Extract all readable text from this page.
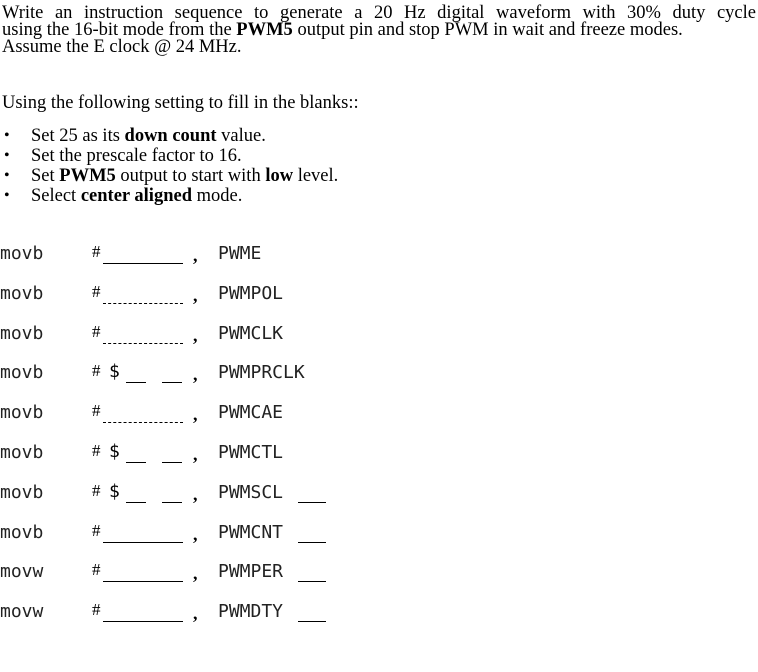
Write an instruction sequence to generate a 20 Hz digital waveform with 30% duty cycle
using the 16-bit mode from the PWM5 output pin and stop PWM in wait and freeze modes.
Assume the E clock @ 24 MHz.
Using the following setting to fill in the blanks::
• Set 25 as its down count value.
• Set the prescale factor to 16.
• Set PWM5 output to start with low level.
• Select center aligned mode.
movb	#	, PWME
movb	#	, PWMPOL
movb	#	, PWMCLK
movb	# $	, PWMPRCLK
movb	#	, PWMCAE
movb	# $	, PWMCTL
movb	# $	, PWMSCL
movb	#	, PWMCNT
movw	#	, PWMPER
movw	#	, PWMDTY
